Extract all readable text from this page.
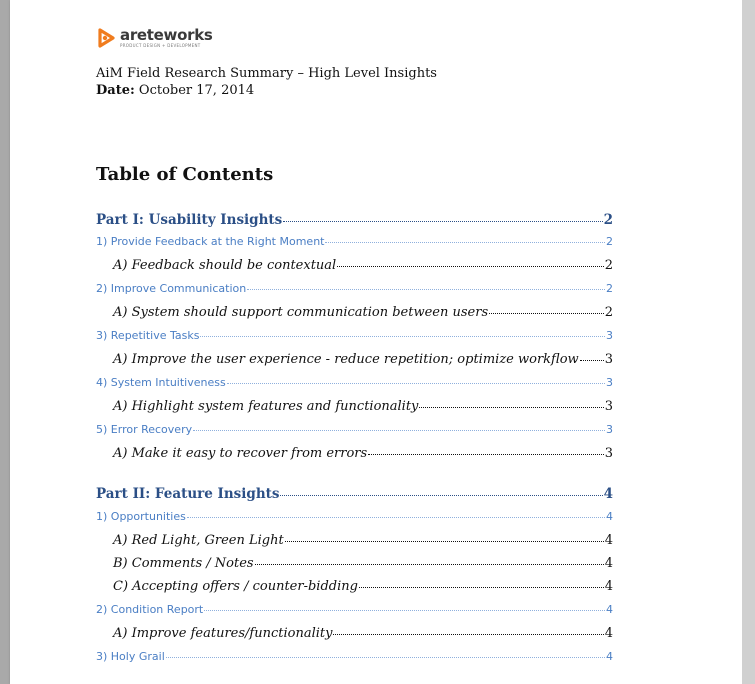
areteworks
PRODUCT DESIGN + DEVELOPMENT
AiM Field Research Summary – High Level Insights
Date: October 17, 2014
Table of Contents
Part I: Usability Insights	2
1) Provide Feedback at the Right Moment	2
A) Feedback should be contextual	2
2) Improve Communication	2
A) System should support communication between users	2
3) Repetitive Tasks	3
A) Improve the user experience - reduce repetition; optimize workflow 3
4) System Intuitiveness	3
A) Highlight system features and functionality	3
5) Error Recovery	3
A) Make it easy to recover from errors	3
Part II: Feature Insights	4
1) Opportunities	4
A) Red Light, Green Light	4
B) Comments / Notes	4
C) Accepting offers / counter-bidding	4
2) Condition Report	4
A) Improve features/functionality	4
3) Holy Grail	4
